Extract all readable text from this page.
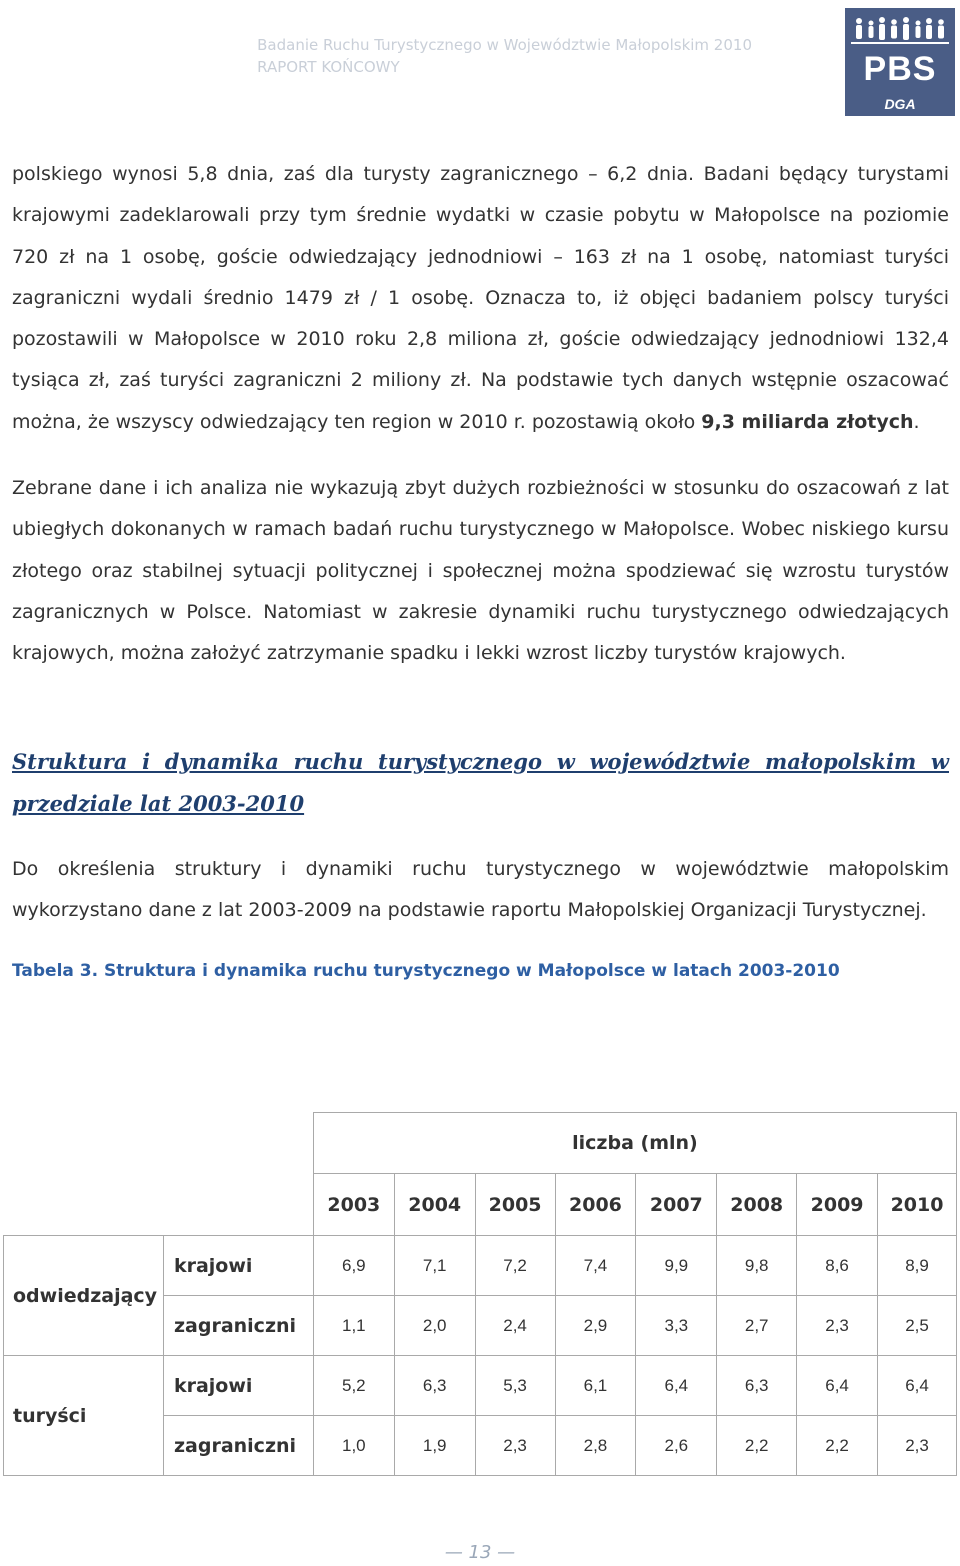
Badanie Ruchu Turystycznego w Województwie Małopolskim 2010
RAPORT KOŃCOWY	PBS
DGA

polskiego wynosi 5,8 dnia, zaś dla turysty zagranicznego – 6,2 dnia. Badani będący turystami krajowymi zadeklarowali przy tym średnie wydatki w czasie pobytu w Małopolsce na poziomie 720 zł na 1 osobę, goście odwiedzający jednodniowi – 163 zł na 1 osobę, natomiast turyści zagraniczni wydali średnio 1479 zł / 1 osobę. Oznacza to, iż objęci badaniem polscy turyści pozostawili w Małopolsce w 2010 roku 2,8 miliona zł, goście odwiedzający jednodniowi 132,4 tysiąca zł, zaś turyści zagraniczni 2 miliony zł. Na podstawie tych danych wstępnie oszacować można, że wszyscy odwiedzający ten region w 2010 r. pozostawią około 9,3 miliarda złotych.

Zebrane dane i ich analiza nie wykazują zbyt dużych rozbieżności w stosunku do oszacowań z lat ubiegłych dokonanych w ramach badań ruchu turystycznego w Małopolsce. Wobec niskiego kursu złotego oraz stabilnej sytuacji politycznej i społecznej można spodziewać się wzrostu turystów zagranicznych w Polsce. Natomiast w zakresie dynamiki ruchu turystycznego odwiedzających krajowych, można założyć zatrzymanie spadku i lekki wzrost liczby turystów krajowych.

Struktura i dynamika ruchu turystycznego w województwie małopolskim w przedziale lat 2003-2010

Do określenia struktury i dynamiki ruchu turystycznego w województwie małopolskim wykorzystano dane z lat 2003-2009 na podstawie raportu Małopolskiej Organizacji Turystycznej.

Tabela 3. Struktura i dynamika ruchu turystycznego w Małopolsce w latach 2003-2010
		liczba (mln)							
		2003	2004	2005	2006	2007	2008	2009	2010
odwiedzający	krajowi	6,9	7,1	7,2	7,4	9,9	9,8	8,6	8,9
	zagraniczni	1,1	2,0	2,4	2,9	3,3	2,7	2,3	2,5
turyści	krajowi	5,2	6,3	5,3	6,1	6,4	6,3	6,4	6,4
	zagraniczni	1,0	1,9	2,3	2,8	2,6	2,2	2,2	2,3
— 13 —
